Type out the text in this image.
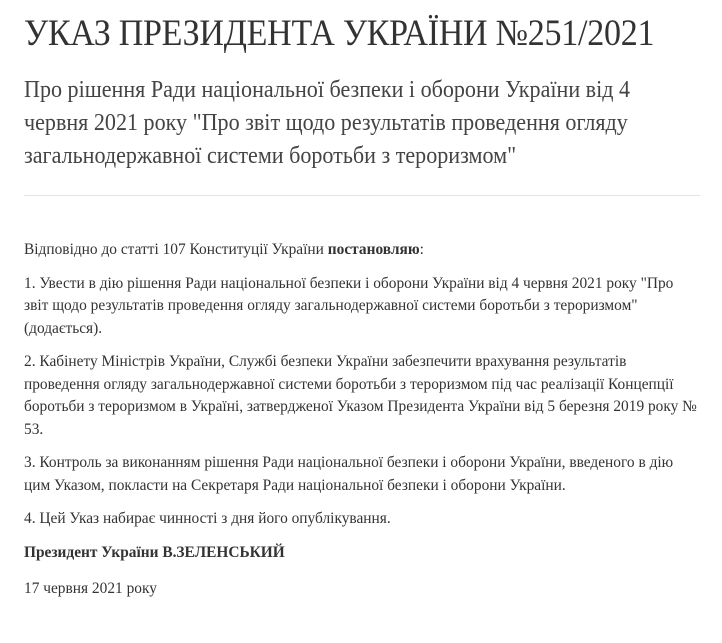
УКАЗ ПРЕЗИДЕНТА УКРАЇНИ №251/2021
Про рішення Ради національної безпеки і оборони України від 4 червня 2021 року "Про звіт щодо результатів проведення огляду загальнодержавної системи боротьби з тероризмом"

Відповідно до статті 107 Конституції України постановляю:

1. Увести в дію рішення Ради національної безпеки і оборони України від 4 червня 2021 року "Про звіт щодо результатів проведення огляду загальнодержавної системи боротьби з тероризмом" (додається).

2. Кабінету Міністрів України, Службі безпеки України забезпечити врахування результатів проведення огляду загальнодержавної системи боротьби з тероризмом під час реалізації Концепції боротьби з тероризмом в Україні, затвердженої Указом Президента України від 5 березня 2019 року № 53.

3. Контроль за виконанням рішення Ради національної безпеки і оборони України, введеного в дію цим Указом, покласти на Секретаря Ради національної безпеки і оборони України.

4. Цей Указ набирає чинності з дня його опублікування.

Президент України В.ЗЕЛЕНСЬКИЙ

17 червня 2021 року
